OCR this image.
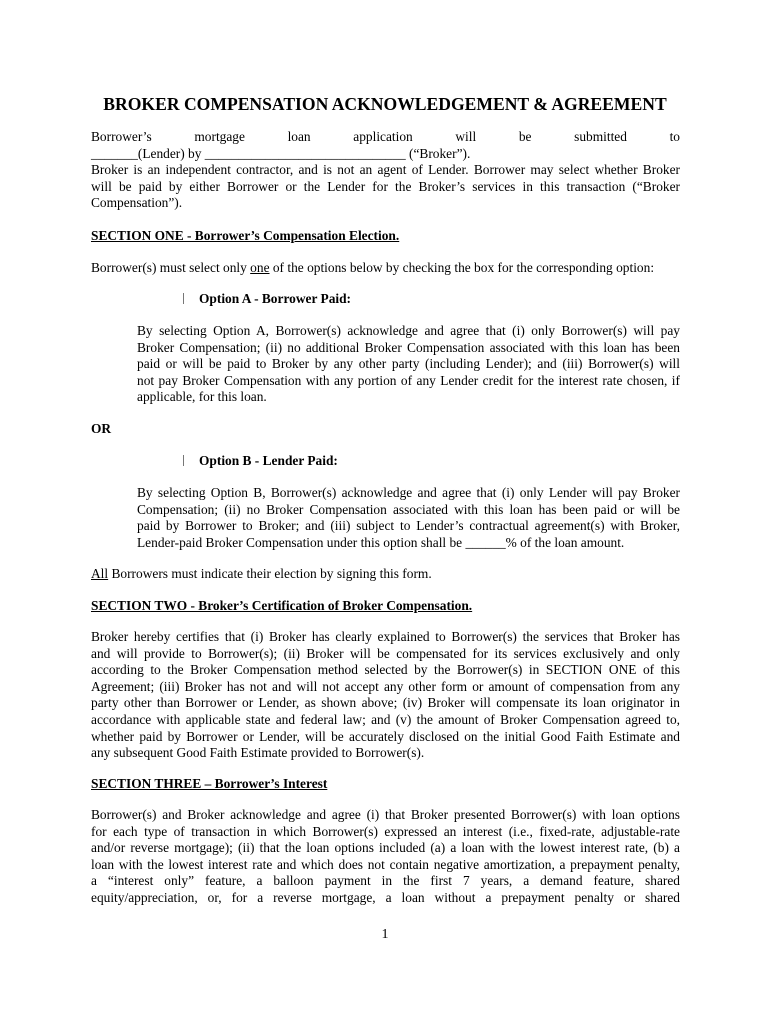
BROKER COMPENSATION ACKNOWLEDGEMENT & AGREEMENT
Borrower’s mortgage loan application will be submitted to
_______(Lender) by ______________________________ (“Broker”).
Broker is an independent contractor, and is not an agent of Lender. Borrower may select whether Broker
will be paid by either Borrower or the Lender for the Broker’s services in this transaction (“Broker
Compensation”).
SECTION ONE - Borrower’s Compensation Election.
Borrower(s) must select only one of the options below by checking the box for the corresponding option:
Option A - Borrower Paid:
By selecting Option A, Borrower(s) acknowledge and agree that (i) only Borrower(s) will pay
Broker Compensation; (ii) no additional Broker Compensation associated with this loan has been
paid or will be paid to Broker by any other party (including Lender); and (iii) Borrower(s) will
not pay Broker Compensation with any portion of any Lender credit for the interest rate chosen, if
applicable, for this loan.
OR
Option B - Lender Paid:
By selecting Option B, Borrower(s) acknowledge and agree that (i) only Lender will pay Broker
Compensation; (ii) no Broker Compensation associated with this loan has been paid or will be
paid by Borrower to Broker; and (iii) subject to Lender’s contractual agreement(s) with Broker,
Lender-paid Broker Compensation under this option shall be ______% of the loan amount.
All Borrowers must indicate their election by signing this form.
SECTION TWO - Broker’s Certification of Broker Compensation.
Broker hereby certifies that (i) Broker has clearly explained to Borrower(s) the services that Broker has
and will provide to Borrower(s); (ii) Broker will be compensated for its services exclusively and only
according to the Broker Compensation method selected by the Borrower(s) in SECTION ONE of this
Agreement; (iii) Broker has not and will not accept any other form or amount of compensation from any
party other than Borrower or Lender, as shown above; (iv) Broker will compensate its loan originator in
accordance with applicable state and federal law; and (v) the amount of Broker Compensation agreed to,
whether paid by Borrower or Lender, will be accurately disclosed on the initial Good Faith Estimate and
any subsequent Good Faith Estimate provided to Borrower(s).
SECTION THREE – Borrower’s Interest
Borrower(s) and Broker acknowledge and agree (i) that Broker presented Borrower(s) with loan options
for each type of transaction in which Borrower(s) expressed an interest (i.e., fixed-rate, adjustable-rate
and/or reverse mortgage); (ii) that the loan options included (a) a loan with the lowest interest rate, (b) a
loan with the lowest interest rate and which does not contain negative amortization, a prepayment penalty,
a “interest only” feature, a balloon payment in the first 7 years, a demand feature, shared
equity/appreciation, or, for a reverse mortgage, a loan without a prepayment penalty or shared
1
